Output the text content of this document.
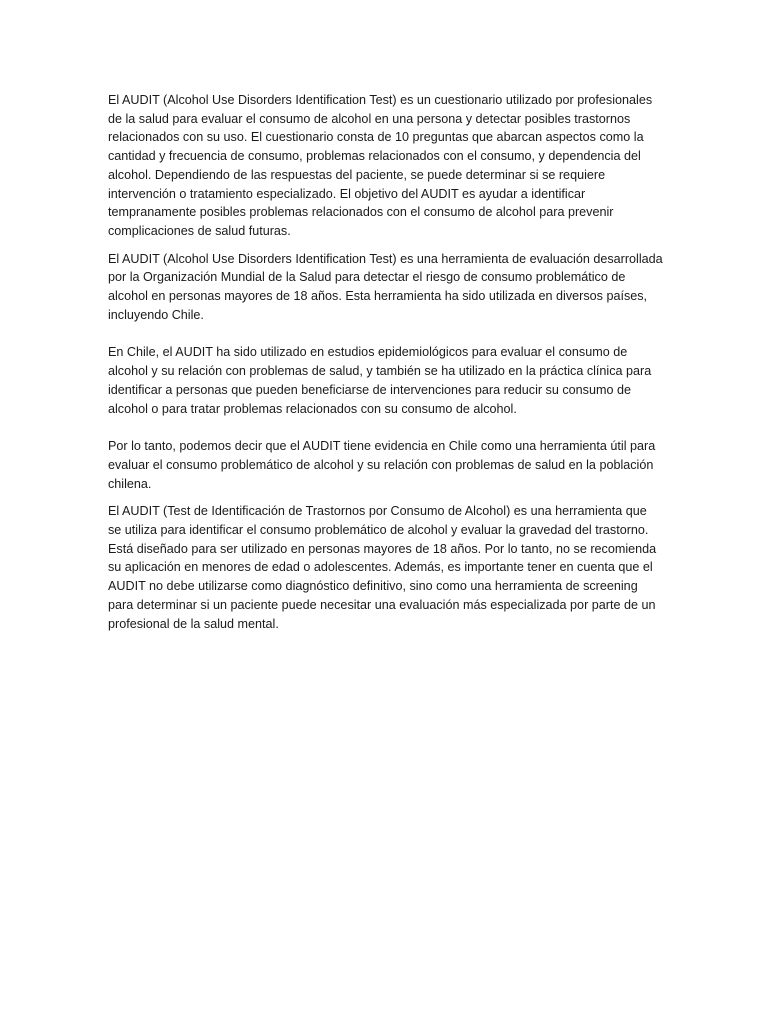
El AUDIT (Alcohol Use Disorders Identification Test) es un cuestionario utilizado por profesionales de la salud para evaluar el consumo de alcohol en una persona y detectar posibles trastornos relacionados con su uso. El cuestionario consta de 10 preguntas que abarcan aspectos como la cantidad y frecuencia de consumo, problemas relacionados con el consumo, y dependencia del alcohol. Dependiendo de las respuestas del paciente, se puede determinar si se requiere intervención o tratamiento especializado. El objetivo del AUDIT es ayudar a identificar tempranamente posibles problemas relacionados con el consumo de alcohol para prevenir complicaciones de salud futuras.

El AUDIT (Alcohol Use Disorders Identification Test) es una herramienta de evaluación desarrollada por la Organización Mundial de la Salud para detectar el riesgo de consumo problemático de alcohol en personas mayores de 18 años. Esta herramienta ha sido utilizada en diversos países, incluyendo Chile.

En Chile, el AUDIT ha sido utilizado en estudios epidemiológicos para evaluar el consumo de alcohol y su relación con problemas de salud, y también se ha utilizado en la práctica clínica para identificar a personas que pueden beneficiarse de intervenciones para reducir su consumo de alcohol o para tratar problemas relacionados con su consumo de alcohol.

Por lo tanto, podemos decir que el AUDIT tiene evidencia en Chile como una herramienta útil para evaluar el consumo problemático de alcohol y su relación con problemas de salud en la población chilena.

El AUDIT (Test de Identificación de Trastornos por Consumo de Alcohol) es una herramienta que se utiliza para identificar el consumo problemático de alcohol y evaluar la gravedad del trastorno. Está diseñado para ser utilizado en personas mayores de 18 años. Por lo tanto, no se recomienda su aplicación en menores de edad o adolescentes. Además, es importante tener en cuenta que el AUDIT no debe utilizarse como diagnóstico definitivo, sino como una herramienta de screening para determinar si un paciente puede necesitar una evaluación más especializada por parte de un profesional de la salud mental.
